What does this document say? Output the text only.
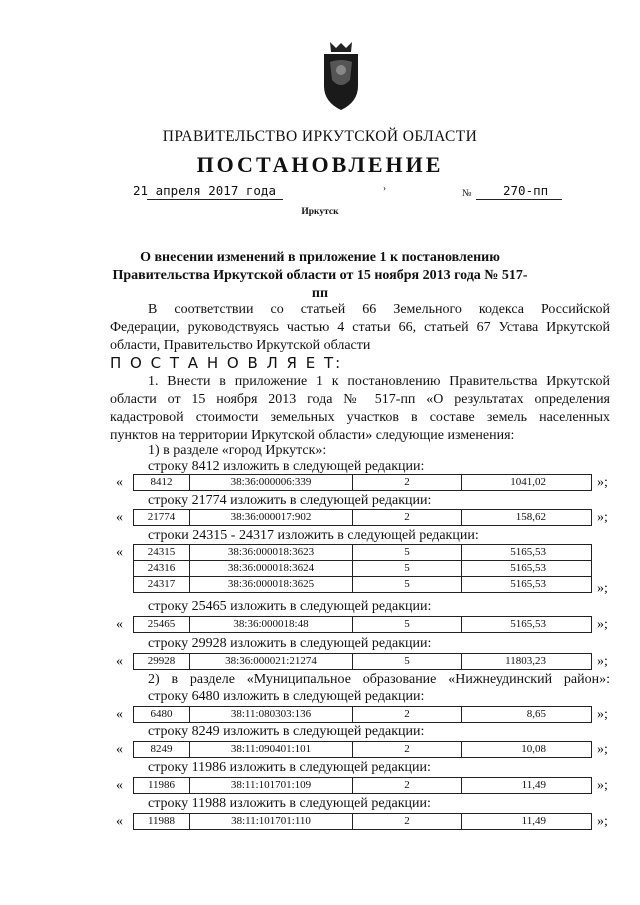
ПРАВИТЕЛЬСТВО ИРКУТСКОЙ ОБЛАСТИ
ПОСТАНОВЛЕНИЕ
21 апреля 2017 года	›	№	270-пп
Иркутск
О внесении изменений в приложение 1 к постановлению
Правительства Иркутской области от 15 ноября 2013 года № 517-пп
В соответствии со статьей 66 Земельного кодекса Российской
Федерации, руководствуясь частью 4 статьи 66, статьей 67 Устава Иркутской
области, Правительство Иркутской области
П О С Т А Н О В Л Я Е Т:
1. Внести в приложение 1 к постановлению Правительства Иркутской
области от 15 ноября 2013 года № 517-пп «О результатах определения
кадастровой стоимости земельных участков в составе земель населенных
пунктов на территории Иркутской области» следующие изменения:
1) в разделе «город Иркутск»:
строку 8412 изложить в следующей редакции:
«	8412	38:36:000006:339	2	1041,02	»;
строку 21774 изложить в следующей редакции:
« 21774	38:36:000017:902	2	158,62	»;
строки 24315 - 24317 изложить в следующей редакции:
« 24315	38:36:000018:3623	5	5165,53
24316	38:36:000018:3624	5	5165,53
24317	38:36:000018:3625	5	5165,53	»;
строку 25465 изложить в следующей редакции:
« 25465	38:36:000018:48	5	5165,53	»;
строку 29928 изложить в следующей редакции:
« 29928	38:36:000021:21274	5	11803,23	»;
2) в разделе «Муниципальное образование «Нижнеудинский район»:
строку 6480 изложить в следующей редакции:
«	6480	38:11:080303:136	2	8,65	»;
строку 8249 изложить в следующей редакции:
«	8249	38:11:090401:101	2	10,08	»;
строку 11986 изложить в следующей редакции:
« 11986	38:11:101701:109	2	11,49	»;
строку 11988 изложить в следующей редакции:
« 11988	38:11:101701:110	2	11,49	»;
